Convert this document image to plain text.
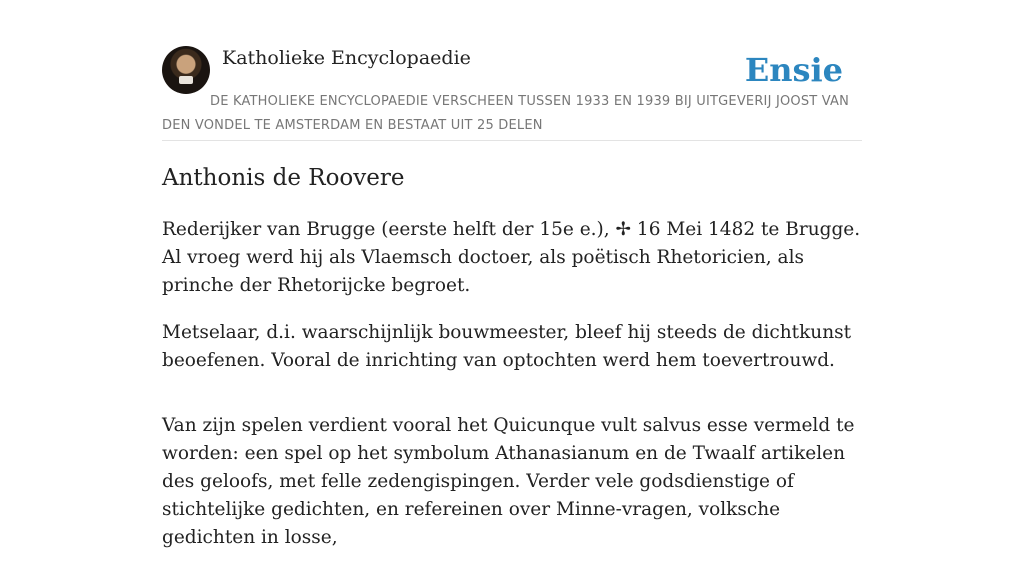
Katholieke Encyclopaedie	Ensie
DE KATHOLIEKE ENCYCLOPAEDIE VERSCHEEN TUSSEN 1933 EN 1939 BIJ UITGEVERIJ JOOST VAN DEN VONDEL TE AMSTERDAM EN BESTAAT UIT 25 DELEN
Anthonis de Roovere

Rederijker van Brugge (eerste helft der 15e e.), ✢ 16 Mei 1482 te Brugge. Al vroeg werd hij als Vlaemsch doctoer, als poëtisch Rhetoricien, als princhе der Rhetorijcke begroet.

Metselaar, d.i. waarschijnlijk bouwmeester, bleef hij steeds de dichtkunst beoefenen. Vooral de inrichting van optochten werd hem toevertrouwd.

Van zijn spelen verdient vooral het Quicunque vult salvus esse vermeld te worden: een spel op het symbolum Athanasianum en de Twaalf artikelen des geloofs, met felle zedengispingen. Verder vele godsdienstige of stichtelijke gedichten, en refereinen over Minne-vragen, volksche gedichten in losse,
